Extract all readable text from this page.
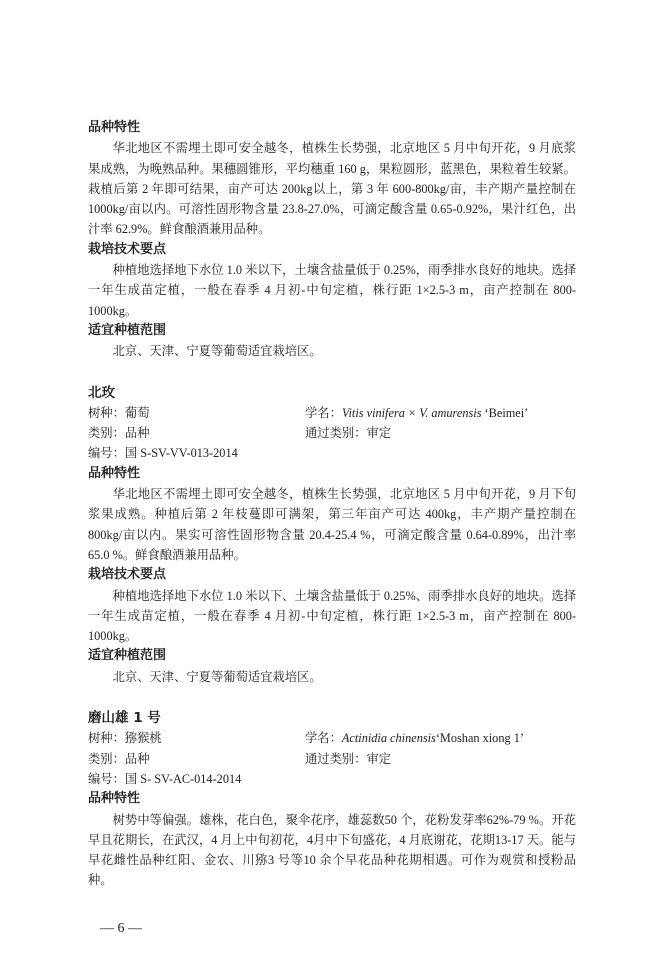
品种特性

华北地区不需埋土即可安全越冬，植株生长势强，北京地区 5 月中旬开花，9 月底浆果成熟，为晚熟品种。果穗圆锥形，平均穗重 160 g，果粒圆形，蓝黑色，果粒着生较紧。栽植后第 2 年即可结果，亩产可达 200kg以上，第 3 年 600-800kg/亩，丰产期产量控制在 1000kg/亩以内。可溶性固形物含量 23.8-27.0%，可滴定酸含量 0.65-0.92%，果汁红色，出汁率 62.9%。鲜食酿酒兼用品种。

栽培技术要点

种植地选择地下水位 1.0 米以下，土壤含盐量低于 0.25%，雨季排水良好的地块。选择一年生成苗定植，一般在春季 4 月初-中旬定植，株行距 1×2.5-3 m，亩产控制在 800-1000kg。

适宜种植范围

北京、天津、宁夏等葡萄适宜栽培区。

北玫
树种：葡萄	学名：Vitis vinifera × V. amurensis ‘Beimei’
类别：品种	通过类别：审定
编号：国 S-SV-VV-013-2014
品种特性

华北地区不需埋土即可安全越冬，植株生长势强，北京地区 5 月中旬开花，9 月下旬浆果成熟。种植后第 2 年枝蔓即可满架，第三年亩产可达 400kg，丰产期产量控制在 800kg/亩以内。果实可溶性固形物含量 20.4-25.4 %，可滴定酸含量 0.64-0.89%，出汁率 65.0 %。鲜食酿酒兼用品种。

栽培技术要点

种植地选择地下水位 1.0 米以下、土壤含盐量低于 0.25%、雨季排水良好的地块。选择一年生成苗定植，一般在春季 4 月初-中旬定植，株行距 1×2.5-3 m，亩产控制在 800-1000kg。

适宜种植范围

北京、天津、宁夏等葡萄适宜栽培区。

磨山雄 1 号
树种：猕猴桃	学名：Actinidia chinensis‘Moshan xiong 1’
类别：品种	通过类别：审定
编号：国 S- SV-AC-014-2014
品种特性

树势中等偏强。雄株，花白色，聚伞花序，雄蕊数50 个，花粉发芽率62%-79 %。开花早且花期长，在武汉，4 月上中旬初花，4月中下旬盛花，4 月底谢花，花期13-17 天。能与早花雌性品种红阳、金农、川猕3 号等10 余个早花品种花期相遇。可作为观赏和授粉品种。

— 6 —
